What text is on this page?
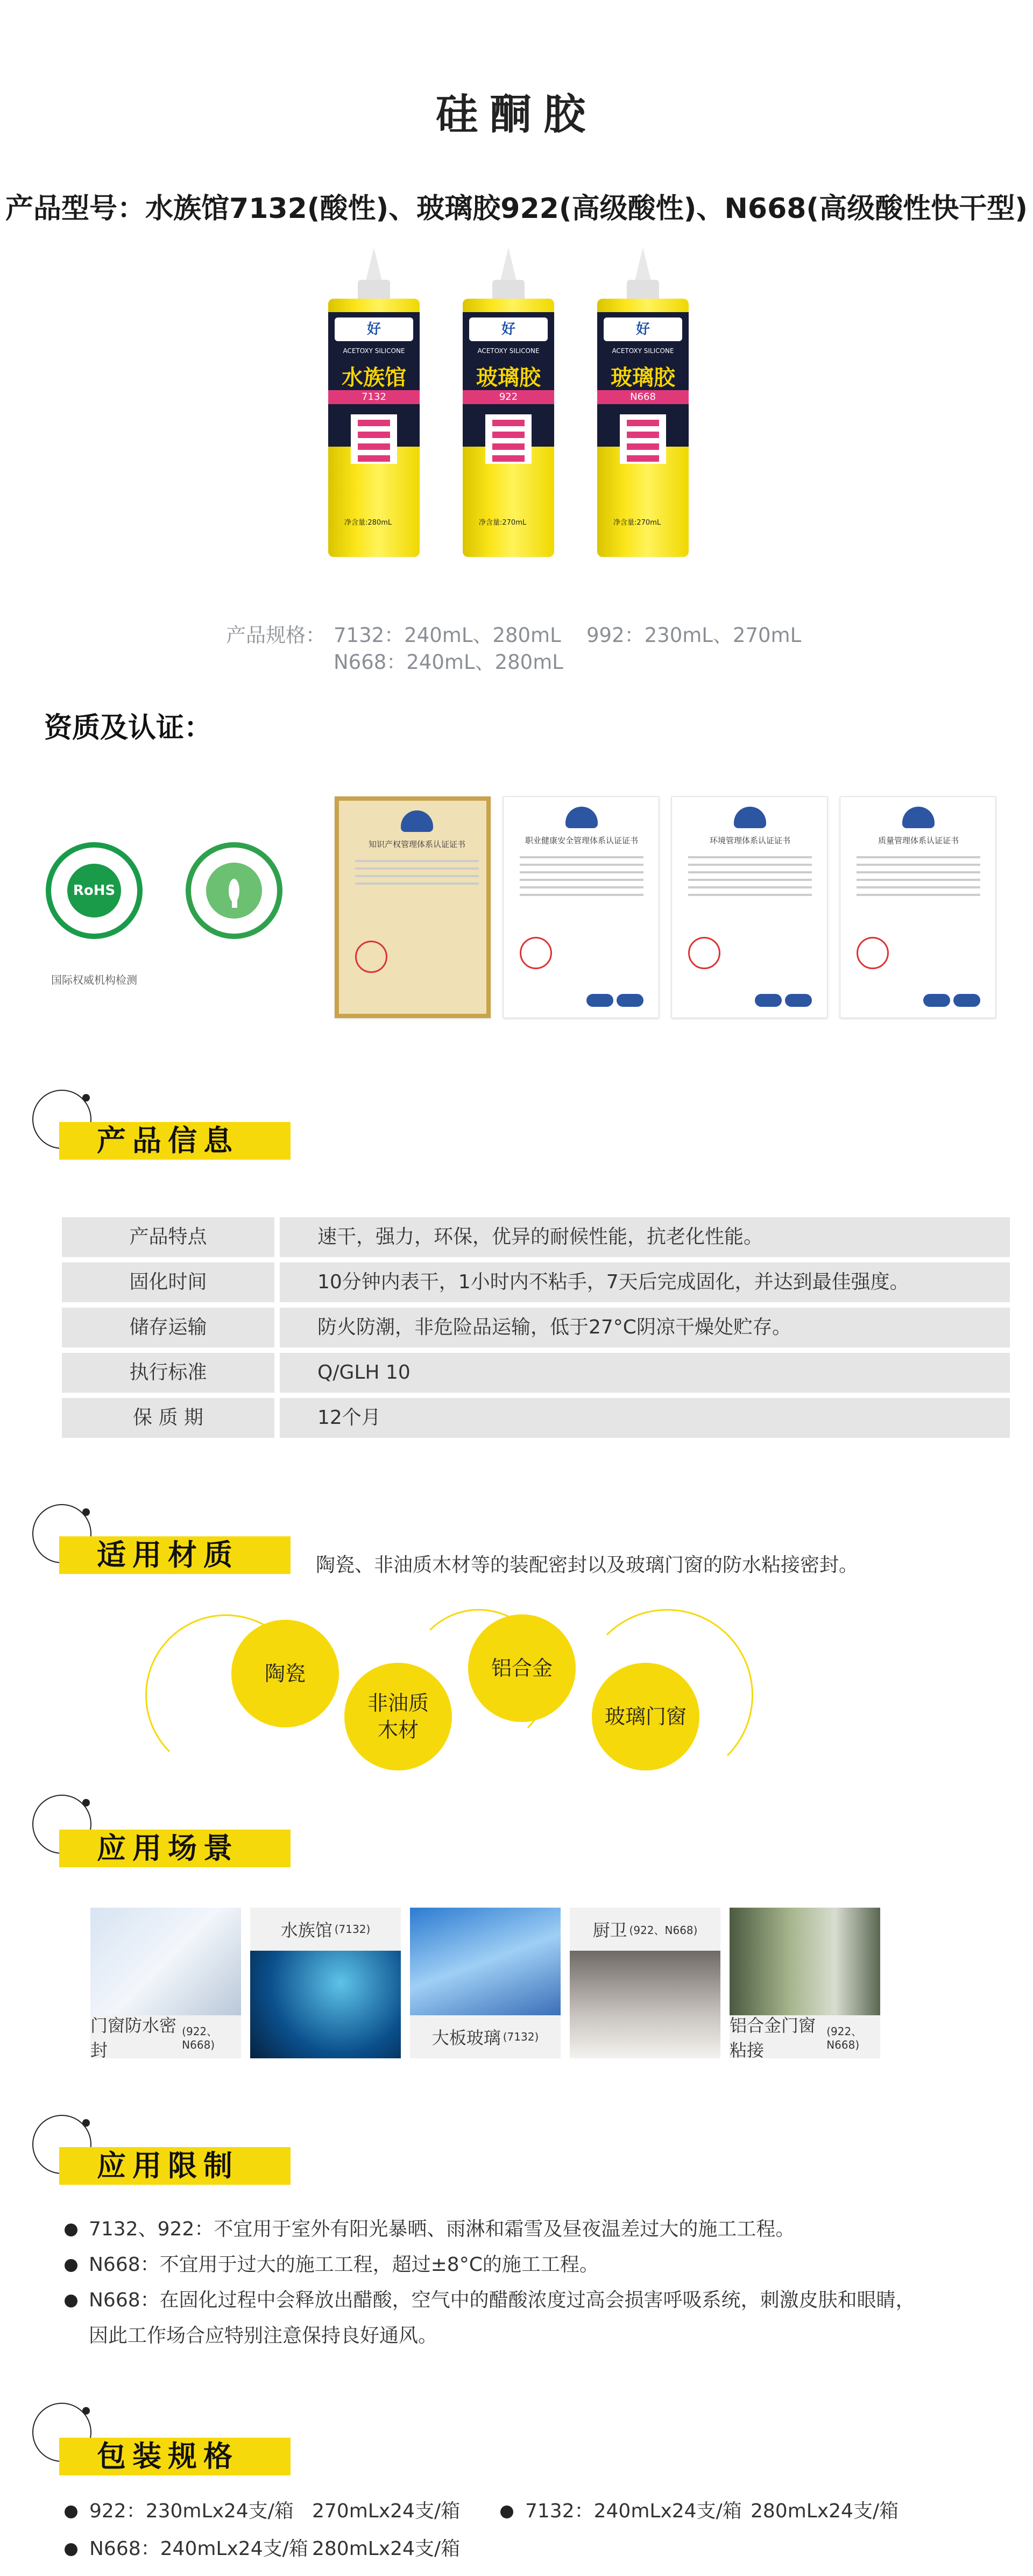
硅酮胶
产品型号：水族馆7132(酸性)、玻璃胶922(高级酸性)、N668(高级酸性快干型)
好
ACETOXY SILICONE
水族馆
7132
净含量:280mL
好
ACETOXY SILICONE
玻璃胶
922
净含量:270mL
好
ACETOXY SILICONE
玻璃胶
N668
净含量:270mL
产品规格： 7132：240mL、280mL 992：230mL、270mL
N668：240mL、280mL
资质及认证：
RoHS
国际权威机构检测
知识产权管理体系认证证书	职业健康安全管理体系认证证书	环境管理体系认证证书	质量管理体系认证证书
产品信息
产品特点	速干，强力，环保，优异的耐候性能，抗老化性能。
固化时间	10分钟内表干，1小时内不粘手，7天后完成固化，并达到最佳强度。
储存运输	防火防潮，非危险品运输，低于27°C阴凉干燥处贮存。
执行标准	Q/GLH 10
保 质 期	12个月
适用材质	陶瓷、非油质木材等的装配密封以及玻璃门窗的防水粘接密封。
陶瓷
非油质
木材
铝合金
玻璃门窗
应用场景
门窗防水密封
(922、N668)
水族馆 (7132)
大板玻璃 (7132)
厨卫 (922、N668)
铝合金门窗粘接
(922、N668)
应用限制
7132、922：不宜用于室外有阳光暴晒、雨淋和霜雪及昼夜温差过大的施工工程。
N668：不宜用于过大的施工工程，超过±8°C的施工工程。
N668：在固化过程中会释放出醋酸，空气中的醋酸浓度过高会损害呼吸系统，刺激皮肤和眼睛，
因此工作场合应特别注意保持良好通风。
包装规格
922：230mLx24支/箱 270mLx24支/箱	7132：240mLx24支/箱 280mLx24支/箱
N668：240mLx24支/箱 280mLx24支/箱
